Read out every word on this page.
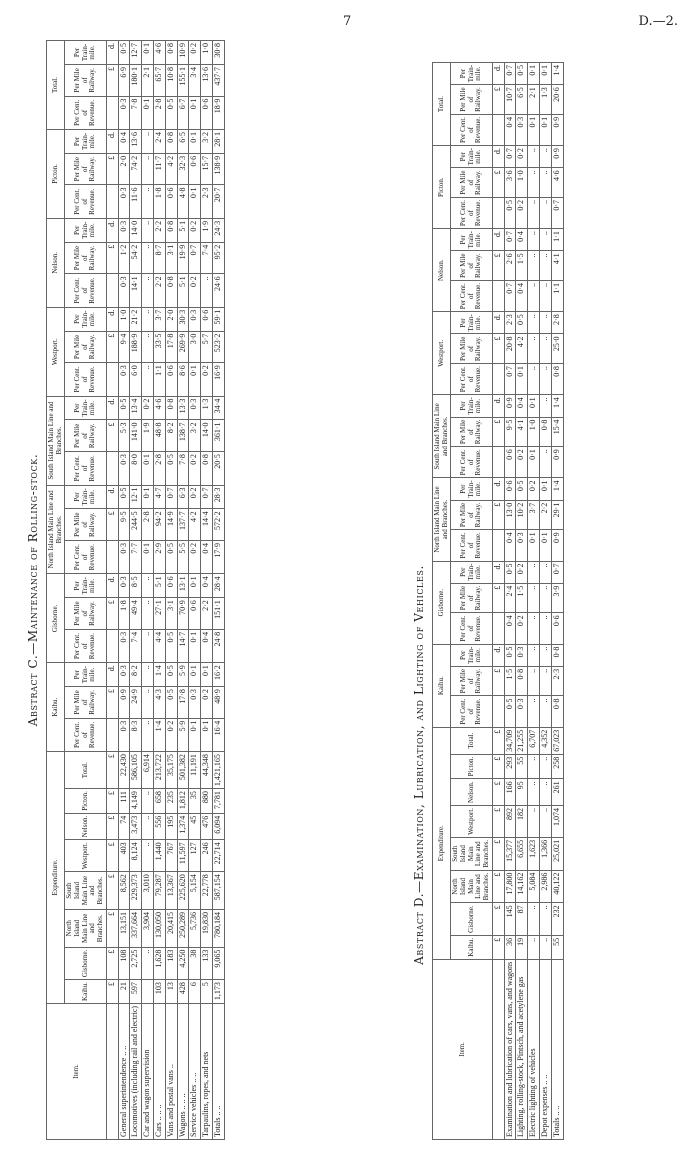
7	D.—2.
Abstract C.—Maintenance of Rolling-stock.
Item.	Expenditure.								Kaihu.			Gisborne.			North Island Main Line and Branches.			South Island Main Line and Branches.			Westport.			Nelson.			Picton.			Total.		
	Kaihu.	Gisborne.	North Island Main Line and Branches.	South Island Main Line and Branches.	Westport.	Nelson.	Picton.	Total.	Per Cent. of Revenue.	Per Mile of Railway.	Per Train-mile.	Per Cent. of Revenue.	Per Mile of Railway.	Per Train-mile.	Per Cent. of Revenue.	Per Mile of Railway.	Per Train-mile.	Per Cent. of Revenue.	Per Mile of Railway.	Per Train-mile.	Per Cent. of Revenue.	Per Mile of Railway.	Per Train-mile.	Per Cent. of Revenue.	Per Mile of Railway.	Per Train-mile.	Per Cent. of Revenue.	Per Mile of Railway.	Per Train-mile.	Per Cent. of Revenue.	Per Mile of Railway.	Per Train-mile.

	£	£	£	£	£	£	£	£		£	d.		£	d.		£	d.		£	d.		£	d.		£	d.		£	d.		£	d.
General superintendence .. ..	21	108	13,151	8,562	403	74	111	22,430	0·3	0·9	0·3	0·3	1·8	0·3	0·3	9·5	0·5	0·3	5·3	0·5	0·3	9·4	1·0	0·3	1·2	0·3	0·3	2·0	0·4	0·3	6·9	0·5
Locomotives (including rail and electric)	597	2,725	337,664	229,373	8,124	3,473	4,149	586,105	8·3	24·9	8·2	7·4	49·4	8·5	7·7	244·5	12·1	8·0	141·0	13·4	6·0	188·9	21·2	14·1	54·2	14·0	11·6	74·2	13·6	7·8	180·1	12·7
Car and wagon supervision		..	3,904	3,010	..	..	..	6,914	..	..	..	..	..	..	0·1	2·8	0·1	0·1	1·9	0·2	..	..	..	..	..	..	..	..	..	0·1	2·1	0·1
Cars .. .. ..	103	1,628	130,050	79,287	1,440	556	658	213,722	1·4	4·3	1·4	4·4	27·1	5·1	2·9	94·2	4·7	2·8	48·8	4·6	1·1	33·5	3·7	2·2	8·7	2·2	1·8	11·7	2·4	2·8	65·7	4·6
Vans and postal vans ..	13	183	20,415	13,367	767	195	235	35,175	0·2	0·5	0·5	0·5	3·1	0·6	0·5	14·9	0·7	0·5	8·2	0·8	0·6	17·8	2·0	0·8	3·1	0·8	0·6	4·2	0·8	0·5	10·8	0·8
Wagons .. .. ..	428	4,250	250,289	225,620	11,597	1,374	1,812	501,382	5·9	17·8	5·9	14·7	70·9	13·1	5·5	137·7	6·3	7·8	138·7	13·3	8·6	269·9	30·3	5·1	19·9	5·1	4·8	32·3	6·5	6·7	155·1	10·9
Service vehicles .. ..	6	38	5,736	5,154	127	45	35	11,191	0·1	0·3	0·1	0·1	0·6	0·1	0·2	4·2	0·2	0·2	3·2	0·3	0·1	3·0	0·3	0·2	0·7	0·2	0·1	0·6	0·1	0·1	3·4	0·2
Tarpaulins, ropes, and nets	5	133	19,830	22,778	246	476	880	44,348	0·1	0·2	0·1	0·4	2·2	0·4	0·4	14·4	0·7	0·8	14·0	1·3	0·2	5·7	0·6	..	7·4	1·9	2·3	15·7	3·2	0·6	13·6	1·0
Totals .. ..	1,173	9,065	780,184	587,154	22,714	6,094	7,781	1,421,165	16·4	48·9	16·2	24·8	151·1	28·4	17·9	572·2	28·3	20·5	361·1	34·4	16·9	523·2	59·1	24·6	95·2	24·3	20·7	138·9	28·1	18·9	437·7	30·8
Abstract D.—Examination, Lubrication, and Lighting of Vehicles.
Item.	Expenditure.								Kaihu.			Gisborne.			North Island Main Line and Branches.			South Island Main Line and Branches.			Westport.			Nelson.			Picton.			Total.		
	Kaihu.	Gisborne.	North Island Main Line and Branches.	South Island Main Line and Branches.	Westport.	Nelson.	Picton.	Total.	Per Cent. of Revenue.	Per Mile of Railway.	Per Train-mile.	Per Cent. of Revenue.	Per Mile of Railway.	Per Train-mile.	Per Cent. of Revenue.	Per Mile of Railway.	Per Train-mile.	Per Cent. of Revenue.	Per Mile of Railway.	Per Train-mile.	Per Cent. of Revenue.	Per Mile of Railway.	Per Train-mile.	Per Cent. of Revenue.	Per Mile of Railway.	Per Train-mile.	Per Cent. of Revenue.	Per Mile of Railway.	Per Train-mile.	Per Cent. of Revenue.	Per Mile of Railway.	Per Train-mile.

	£	£	£	£	£	£	£	£		£	d.		£	d.		£	d.		£	d.		£	d.		£	d.		£	d.		£	d.
Examination and lubrication of cars, vans, and wagons	36	145	17,800	15,377	892	166	293	34,709	0·5	1·5	0·5	0·4	2·4	0·5	0·4	13·0	0·6	0·6	9·5	0·9	0·7	20·8	2·3	0·7	2·6	0·7	0·5	3·6	0·7	0·4	10·7	0·7
Lighting, rolling-stock, Pintsch, and acetylene gas	19	87	14,162	6,655	182	95	55	21,255	0·3	0·8	0·3	0·2	1·5	0·2	0·3	10·2	0·5	0·2	4·1	0·4	0·1	4·2	0·5	0·4	1·5	0·4	0·2	1·0	0·2	0·3	6·5	0·5
Electric lighting of vehicles	..	..	5,084	1,623	..	..	..	6,707	..	..	..	..	..	..	0·1	3·7	0·2	0·1	1·0	0·1	..	..	..	..	..	..	..	..	..	0·1	2·1	0·1
Depot expenses .. ..	..	..	2,986	1,366	..	..	..	4,352	..	..	..	..	..	..	0·1	2·2	0·1	..	0·8	..	..	..	..	..	..	..	..	..	..	0·1	1·3	0·1
Totals .. ..	55	232	40,122	25,021	1,074	261	258	67,023	0·8	2·3	0·8	0·6	3·9	0·7	0·9	29·1	1·4	0·9	15·4	1·4	0·8	25·0	2·8	1·1	4·1	1·1	0·7	4·6	0·9	0·9	20·6	1·4
